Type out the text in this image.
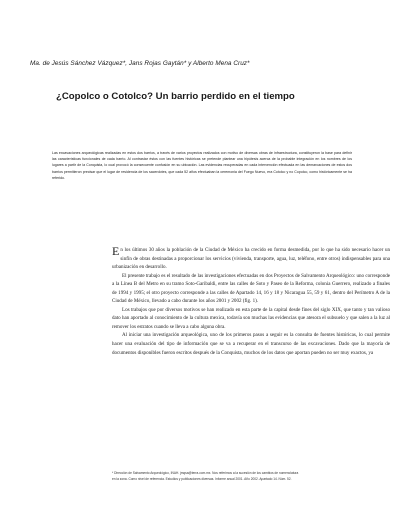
Ma. de Jesús Sánchez Vázquez*, Jans Rojas Gaytán* y Alberto Mena Cruz*
¿Copolco o Cotolco? Un barrio perdido en el tiempo
Las excavaciones arqueológicas realizadas en estos dos barrios, a través de varios proyectos realizados con motivo de diversas obras de infraestructura, constituyeron la base para definir las características funcionales de cada barrio. Al contrastar éstos con las fuentes históricas se pretende plantear una hipótesis acerca de la probable integración en los nombres de los lugares a partir de la Conquista, lo cual provocó la consecuente confusión en su ubicación. Las evidencias recuperadas en cada intervención efectuada en las demarcaciones de estos dos barrios permitieron precisar que el lugar de residencia de los sacerdotes, que cada 52 años efectuaban la ceremonia del Fuego Nuevo, era Cotolco y no Copolco, como históricamente se ha referido.

En los últimos 30 años la población de la Ciudad de México ha crecido en forma desmedida, por lo que ha sido necesario hacer un sinfín de obras destinadas a proporcionar los servicios (vivienda, transporte, agua, luz, teléfono, entre otros) indispensables para una urbanización en desarrollo.

El presente trabajo es el resultado de las investigaciones efectuadas en dos Proyectos de Salvamento Arqueológico: uno corresponde a la Línea B del Metro en su tramo Soto-Garibaldi, entre las calles de Soto y Paseo de la Reforma, colonia Guerrero, realizado a finales de 1994 y 1995; el otro proyecto corresponde a las calles de Apartado 14, 16 y 18 y Nicaragua 55, 59 y 61, dentro del Perímetro A de la Ciudad de México, llevado a cabo durante los años 2001 y 2002 (fig. 1).

Los trabajos que por diversos motivos se han realizado en esta parte de la capital desde fines del siglo XIX, que tanto y tan valioso dato han aportado al conocimiento de la cultura mexica, todavía son muchas las evidencias que atesora el subsuelo y que salen a la luz al remover los estratos cuando se lleva a cabo alguna obra.

Al iniciar una investigación arqueológica, uno de los primeros pasos a seguir es la consulta de fuentes históricas, lo cual permite hacer una evaluación del tipo de información que se va a recuperar en el transcurso de las excavaciones. Dado que la mayoría de documentos disponibles fueron escritos después de la Conquista, muchos de los datos que aportan pueden no ser muy exactos, ya

* Dirección de Salvamento Arqueológico, INAH. jmqsa@terra.com.mx. Nos referimos a la sucesión de los cambios de nomenclatura en la zona. Como nivel de referencia. Estudios y publicaciones diversas. Informe anual 2001. Año 2002. Apartado 14. Núm. 52.
